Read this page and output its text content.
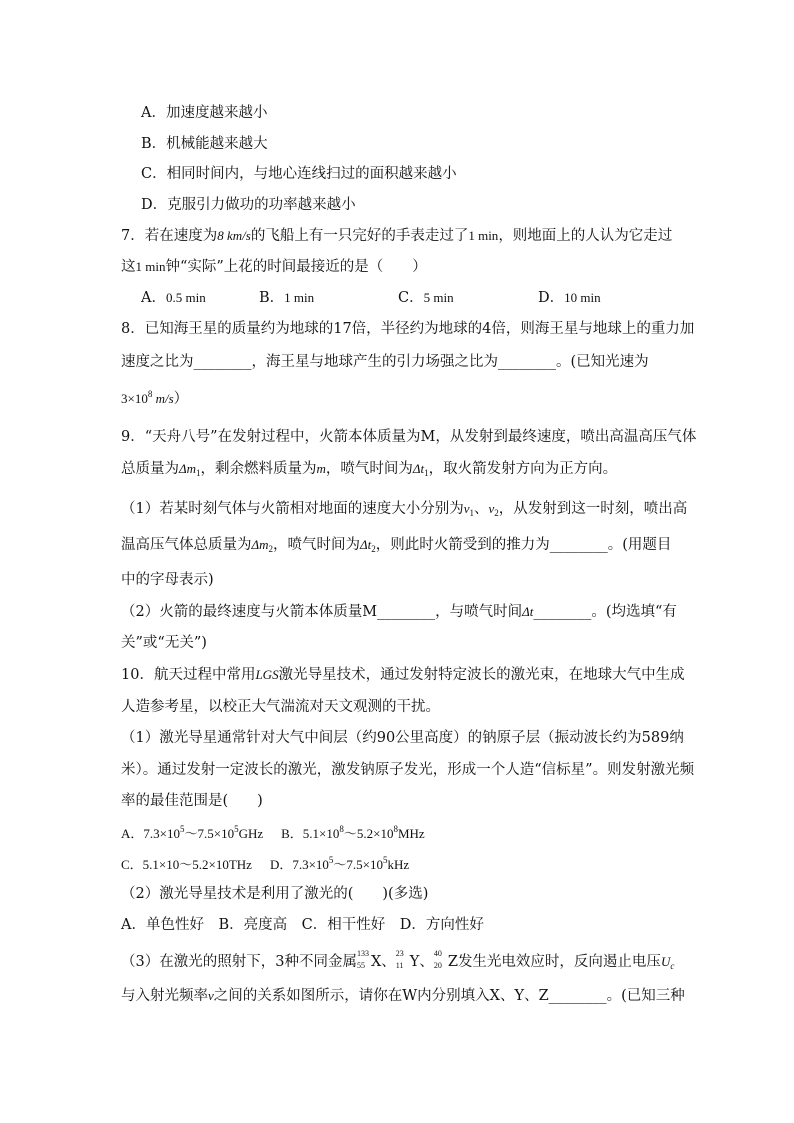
A．加速度越来越小
B．机械能越来越大
C．相同时间内，与地心连线扫过的面积越来越小
D．克服引力做功的功率越来越小
7．若在速度为8 km/s的飞船上有一只完好的手表走过了1 min，则地面上的人认为它走过
这1 min钟“实际”上花的时间最接近的是（　　）
A．0.5 min	B．1 min	C．5 min	D．10 min
8．已知海王星的质量约为地球的17倍，半径约为地球的4倍，则海王星与地球上的重力加
速度之比为________，海王星与地球产生的引力场强之比为________。(已知光速为
$3\times 10^8$ m/s）
9．“天舟八号”在发射过程中，火箭本体质量为M，从发射到最终速度，喷出高温高压气体
总质量为$\Delta m_1$，剩余燃料质量为m，喷气时间为$\Delta t_1$，取火箭发射方向为正方向。
（1）若某时刻气体与火箭相对地面的速度大小分别为$v_1$、$v_2$，从发射到这一时刻，喷出高
温高压气体总质量为$\Delta m_2$，喷气时间为$\Delta t_2$，则此时火箭受到的推力为________。(用题目
中的字母表示)
（2）火箭的最终速度与火箭本体质量M________，与喷气时间Δt________。(均选填“有
关”或“无关”)
10．航天过程中常用LGS激光导星技术，通过发射特定波长的激光束，在地球大气中生成
人造参考星，以校正大气湍流对天文观测的干扰。
（1）激光导星通常针对大气中间层（约90公里高度）的钠原子层（振动波长约为589纳
米）。通过发射一定波长的激光，激发钠原子发光，形成一个人造“信标星”。则发射激光频
率的最佳范围是(　　)
A．$7.3\times 10^5\sim 7.5\times 10^5GHz$ B．$5.1\times 10^8\sim 5.2\times 10^8MHz$
C．5.1×10～5.2×10THz D．$7.3\times 10^5\sim 7.5\times 10^5kHz$
（2）激光导星技术是利用了激光的(　　)(多选)
A．单色性好　B．亮度高　C．相干性好　D．方向性好
（3）在激光的照射下，3种不同金属
133
55 X、
23
11 Y、
40
20 Z发生光电效应时，反向遏止电压$U_c$
与入射光频率ν之间的关系如图所示，请你在W内分别填入X、Y、Z________。(已知三种
